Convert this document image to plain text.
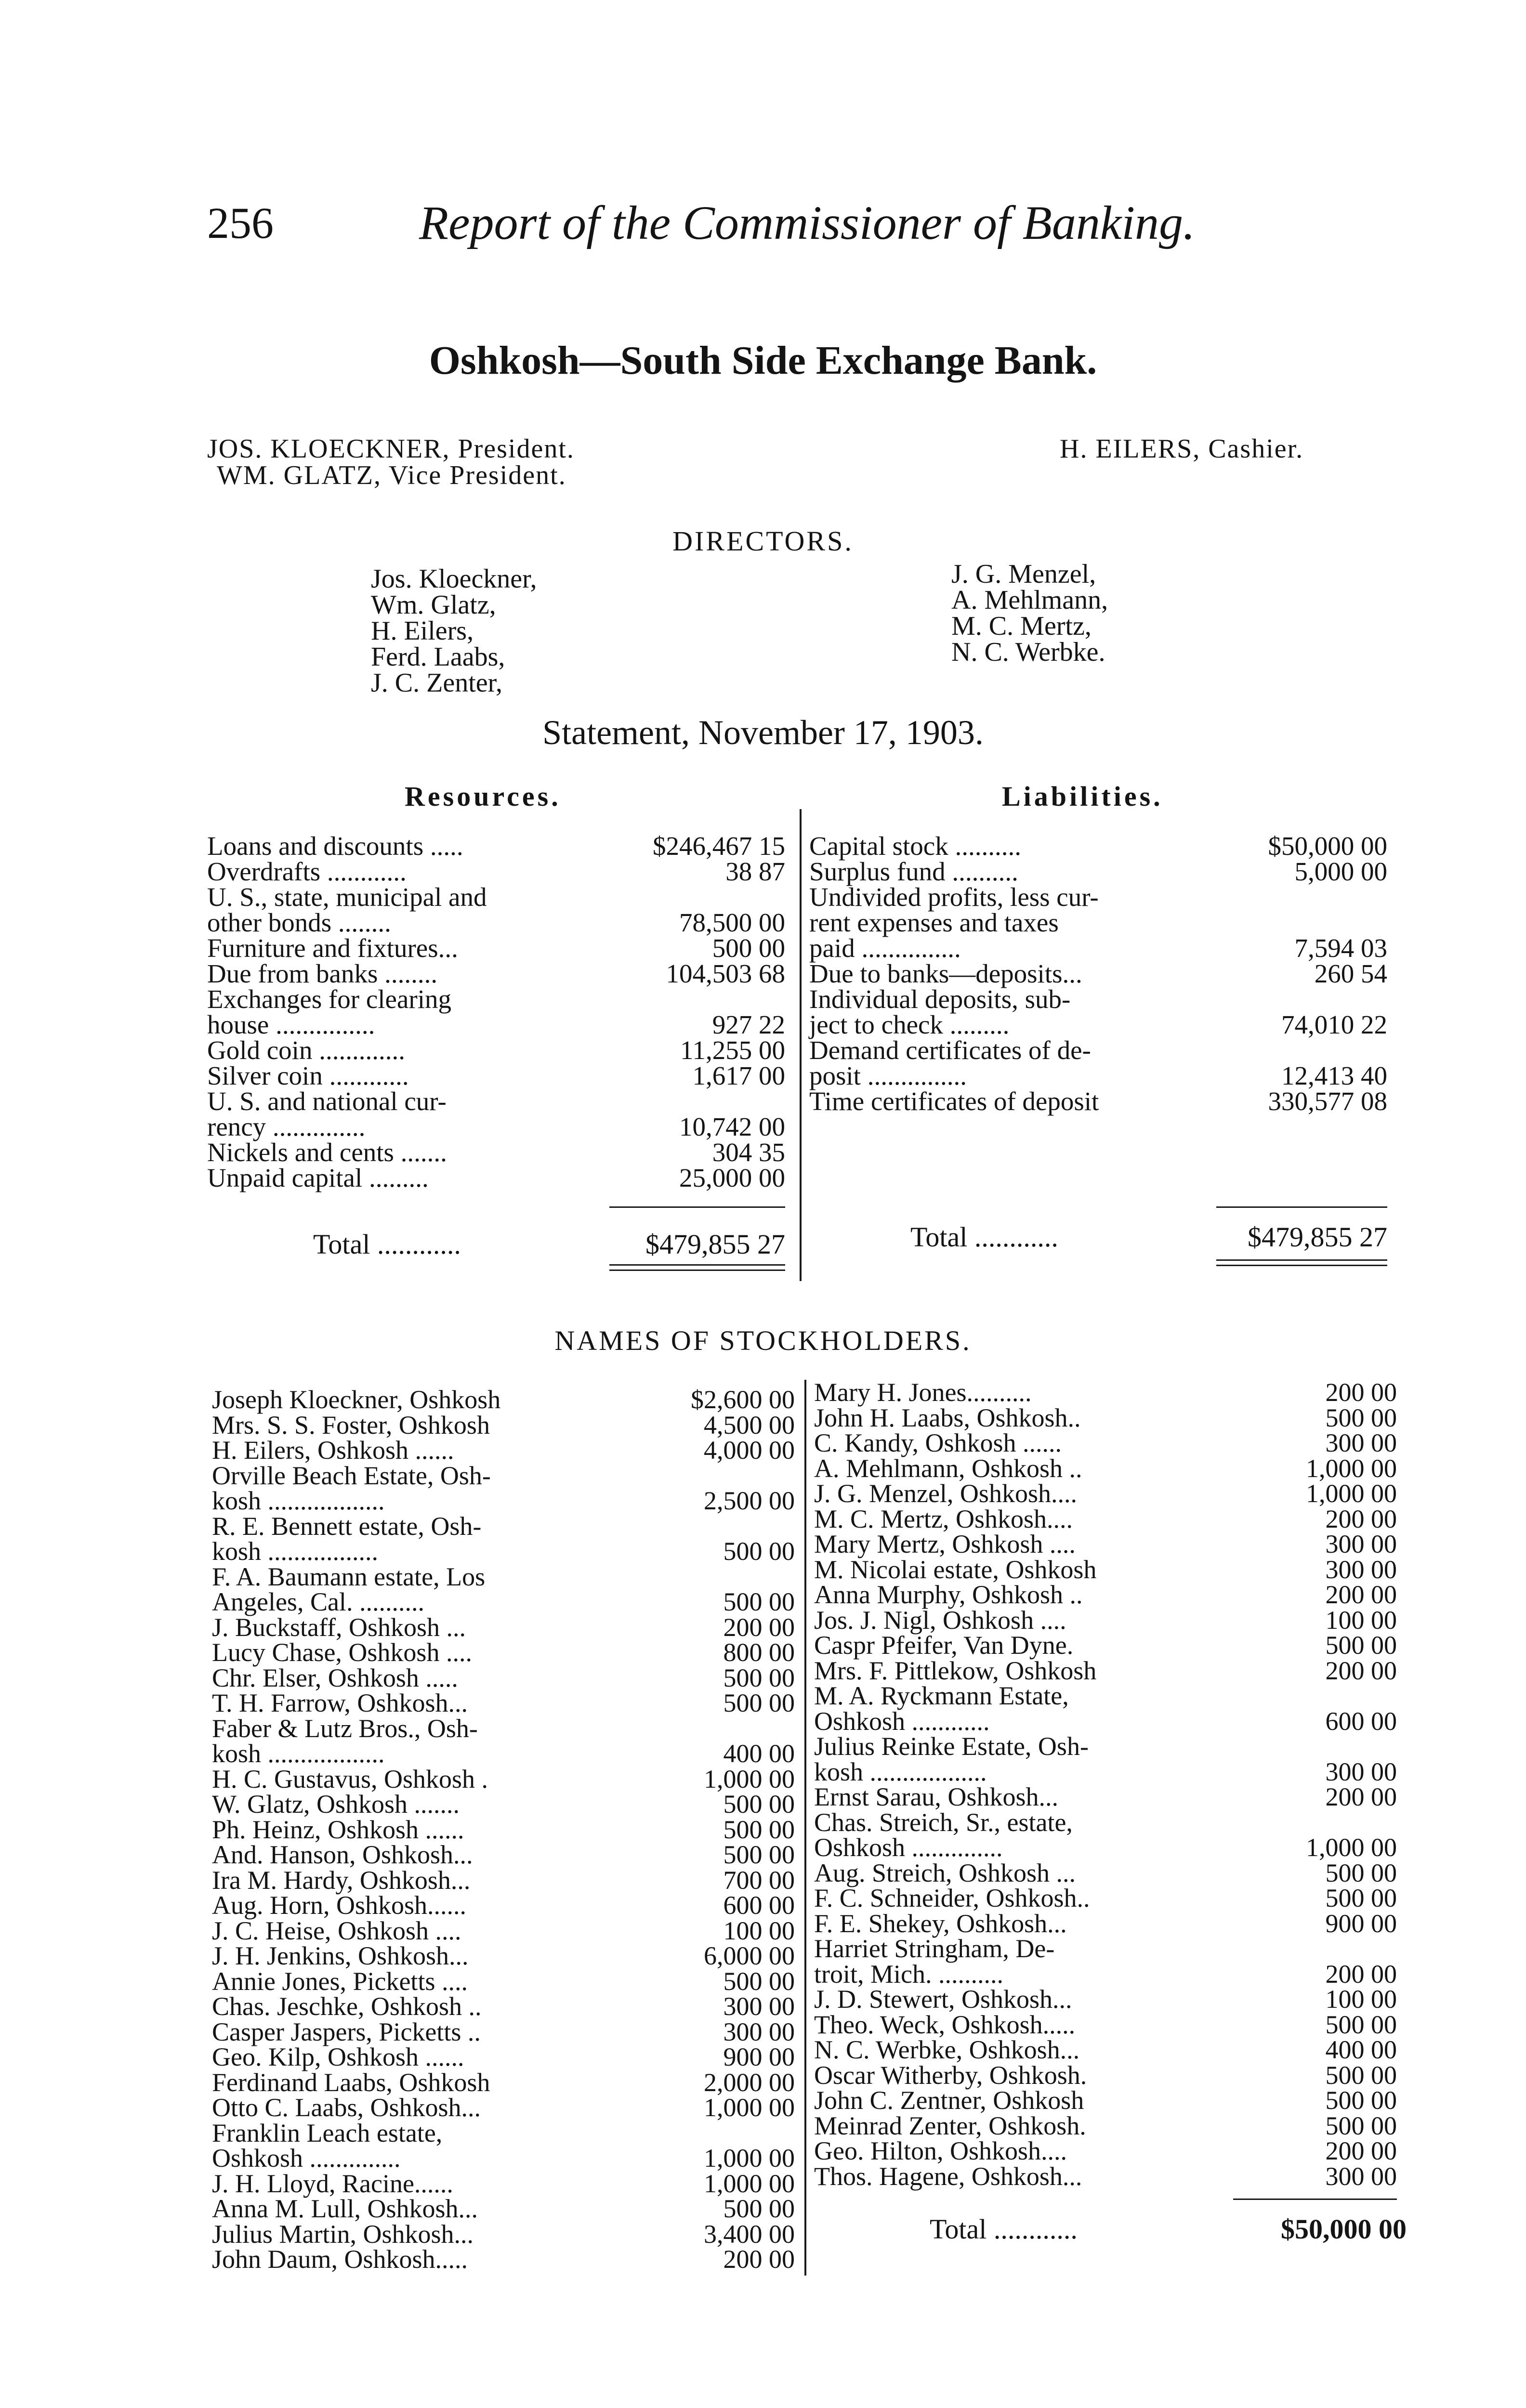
256	Report of the Commissioner of Banking.
Oshkosh—South Side Exchange Bank.
JOS. KLOECKNER, President.
WM. GLATZ, Vice President.
H. EILERS, Cashier.
DIRECTORS.
Jos. Kloeckner,
Wm. Glatz,
H. Eilers,
Ferd. Laabs,
J. C. Zenter,
J. G. Menzel,
A. Mehlmann,
M. C. Mertz,
N. C. Werbke.
Statement, November 17, 1903.
Resources.	Liabilities.
Loans and discounts .....	$246,467 15
Overdrafts ............	38 87
U. S., state, municipal and
other bonds ........	78,500 00
Furniture and fixtures...	500 00
Due from banks ........	104,503 68
Exchanges for clearing
house ...............	927 22
Gold coin .............	11,255 00
Silver coin ............	1,617 00
U. S. and national cur-
rency ..............	10,742 00
Nickels and cents .......	304 35
Unpaid capital .........	25,000 00
Capital stock ..........	$50,000 00
Surplus fund ..........	5,000 00
Undivided profits, less cur-
rent expenses and taxes
paid ...............	7,594 03
Due to banks—deposits...	260 54
Individual deposits, sub-
ject to check .........	74,010 22
Demand certificates of de-
posit ...............	12,413 40
Time certificates of deposit	330,577 08
Total ............	$479,855 27	Total ............	$479,855 27
NAMES OF STOCKHOLDERS.
Joseph Kloeckner, Oshkosh	$2,600 00
Mrs. S. S. Foster, Oshkosh	4,500 00
H. Eilers, Oshkosh ......	4,000 00
Orville Beach Estate, Osh-
kosh ..................	2,500 00
R. E. Bennett estate, Osh-
kosh .................	500 00
F. A. Baumann estate, Los
Angeles, Cal. ..........	500 00
J. Buckstaff, Oshkosh ...	200 00
Lucy Chase, Oshkosh ....	800 00
Chr. Elser, Oshkosh .....	500 00
T. H. Farrow, Oshkosh...	500 00
Faber & Lutz Bros., Osh-
kosh ..................	400 00
H. C. Gustavus, Oshkosh .	1,000 00
W. Glatz, Oshkosh .......	500 00
Ph. Heinz, Oshkosh ......	500 00
And. Hanson, Oshkosh...	500 00
Ira M. Hardy, Oshkosh...	700 00
Aug. Horn, Oshkosh......	600 00
J. C. Heise, Oshkosh ....	100 00
J. H. Jenkins, Oshkosh...	6,000 00
Annie Jones, Picketts ....	500 00
Chas. Jeschke, Oshkosh ..	300 00
Casper Jaspers, Picketts ..	300 00
Geo. Kilp, Oshkosh ......	900 00
Ferdinand Laabs, Oshkosh	2,000 00
Otto C. Laabs, Oshkosh...	1,000 00
Franklin Leach estate,
Oshkosh ..............	1,000 00
J. H. Lloyd, Racine......	1,000 00
Anna M. Lull, Oshkosh...	500 00
Julius Martin, Oshkosh...	3,400 00
John Daum, Oshkosh.....	200 00
Mary H. Jones..........	200 00
John H. Laabs, Oshkosh..	500 00
C. Kandy, Oshkosh ......	300 00
A. Mehlmann, Oshkosh ..	1,000 00
J. G. Menzel, Oshkosh....	1,000 00
M. C. Mertz, Oshkosh....	200 00
Mary Mertz, Oshkosh ....	300 00
M. Nicolai estate, Oshkosh	300 00
Anna Murphy, Oshkosh ..	200 00
Jos. J. Nigl, Oshkosh ....	100 00
Caspr Pfeifer, Van Dyne.	500 00
Mrs. F. Pittlekow, Oshkosh	200 00
M. A. Ryckmann Estate,
Oshkosh ............	600 00
Julius Reinke Estate, Osh-
kosh ..................	300 00
Ernst Sarau, Oshkosh...	200 00
Chas. Streich, Sr., estate,
Oshkosh ..............	1,000 00
Aug. Streich, Oshkosh ...	500 00
F. C. Schneider, Oshkosh..	500 00
F. E. Shekey, Oshkosh...	900 00
Harriet Stringham, De-
troit, Mich. ..........	200 00
J. D. Stewert, Oshkosh...	100 00
Theo. Weck, Oshkosh.....	500 00
N. C. Werbke, Oshkosh...	400 00
Oscar Witherby, Oshkosh.	500 00
John C. Zentner, Oshkosh	500 00
Meinrad Zenter, Oshkosh.	500 00
Geo. Hilton, Oshkosh....	200 00
Thos. Hagene, Oshkosh...	300 00
Total ............	$50,000 00
